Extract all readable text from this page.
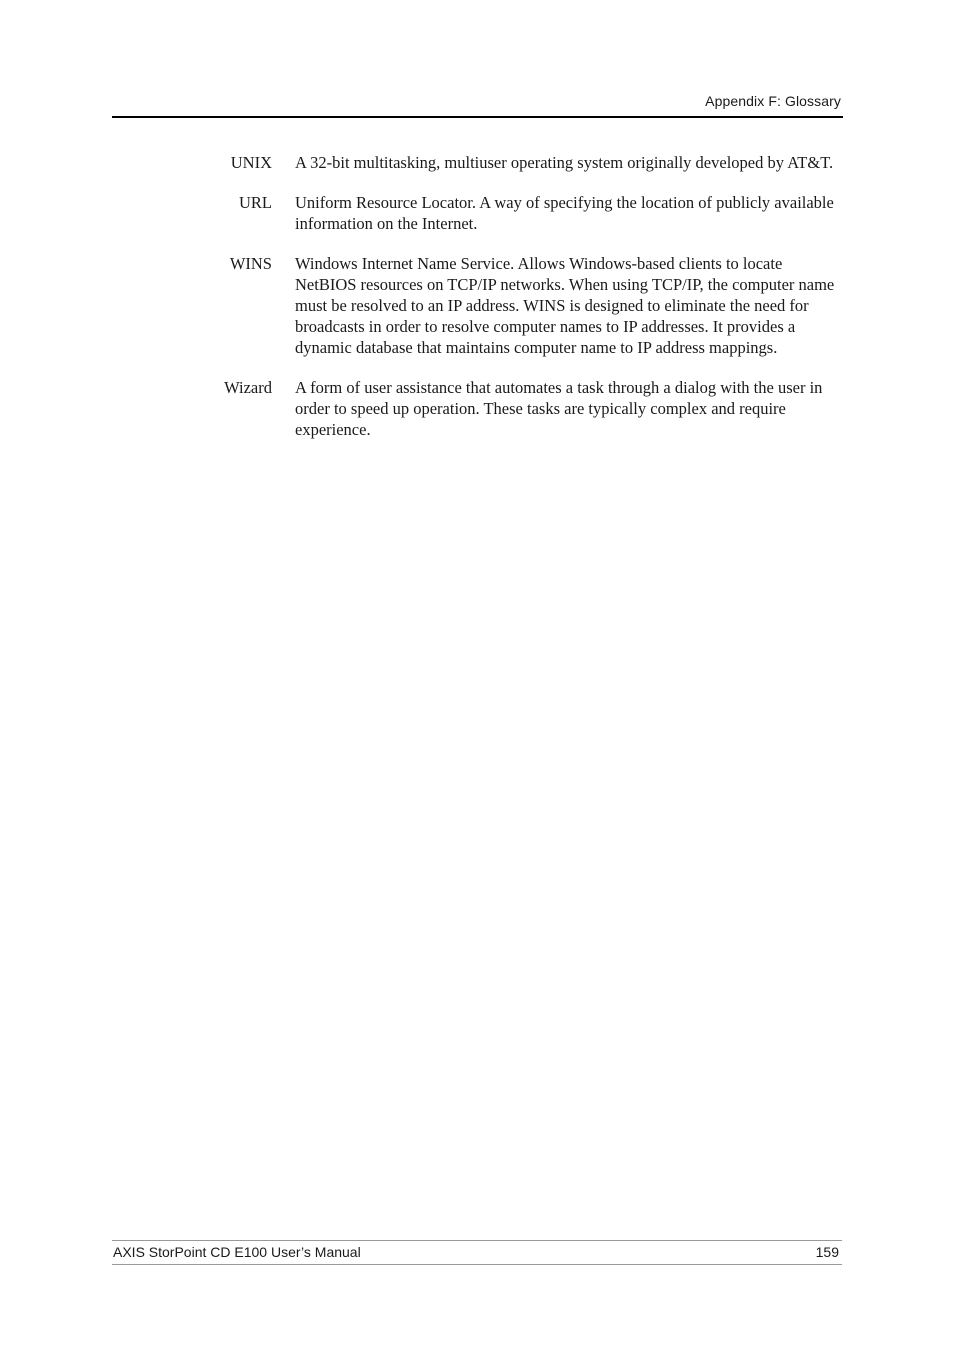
Appendix F: Glossary
UNIX A 32-bit multitasking, multiuser operating system originally developed by AT&T.
URL Uniform Resource Locator. A way of specifying the location of publicly available information on the Internet.
WINS Windows Internet Name Service. Allows Windows-based clients to locate NetBIOS resources on TCP/IP networks. When using TCP/IP, the computer name must be resolved to an IP address. WINS is designed to eliminate the need for broadcasts in order to resolve computer names to IP addresses. It provides a dynamic database that maintains computer name to IP address mappings.
Wizard A form of user assistance that automates a task through a dialog with the user in order to speed up operation. These tasks are typically complex and require experience.
AXIS StorPoint CD E100 User’s Manual	159
